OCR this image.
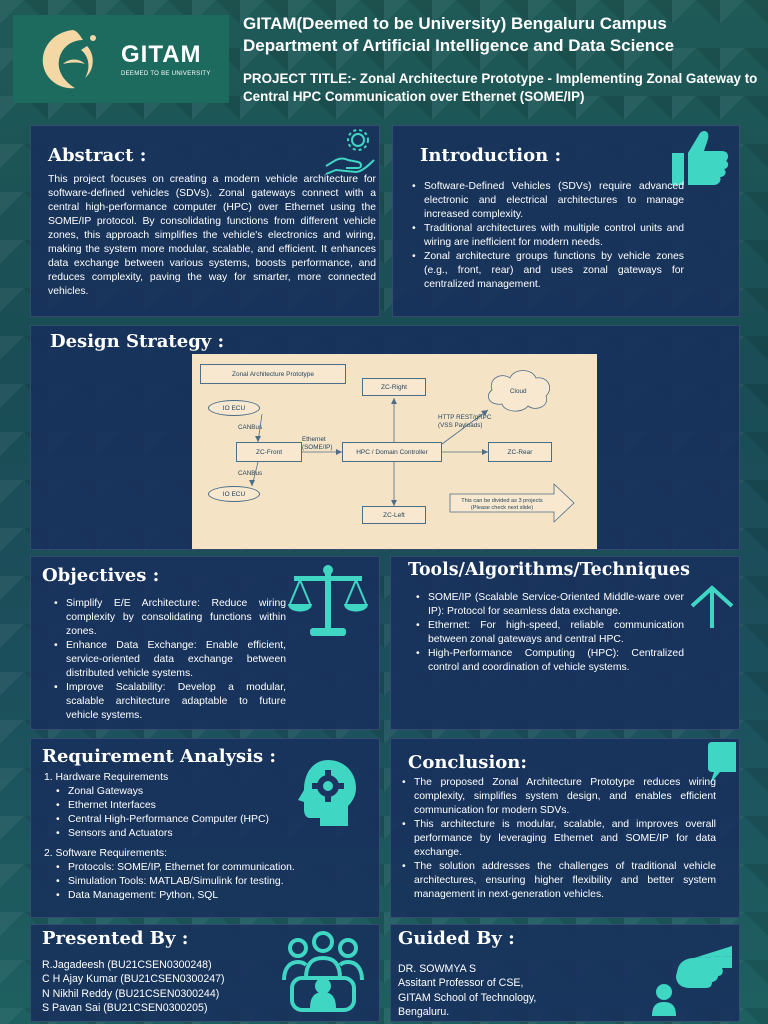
GITAM
DEEMED TO BE UNIVERSITY
GITAM(Deemed to be University) Bengaluru Campus
Department of Artificial Intelligence and Data Science
PROJECT TITLE:- Zonal Architecture Prototype - Implementing Zonal Gateway to Central HPC Communication over Ethernet (SOME/IP)
Abstract :
This project focuses on creating a modern vehicle architecture for software-defined vehicles (SDVs). Zonal gateways connect with a central high-performance computer (HPC) over Ethernet using the SOME/IP protocol. By consolidating functions from different vehicle zones, this approach simplifies the vehicle's electronics and wiring, making the system more modular, scalable, and efficient. It enhances data exchange between various systems, boosts performance, and reduces complexity, paving the way for smarter, more connected vehicles.
Introduction :
• Software-Defined Vehicles (SDVs) require advanced electronic and electrical architectures to manage increased complexity.
• Traditional architectures with multiple control units and wiring are inefficient for modern needs.
• Zonal architecture groups functions by vehicle zones (e.g., front, rear) and uses zonal gateways for centralized management.
Design Strategy :
Zonal Architecture Prototype
ZC-Right
Cloud
IO ECU
CANBus
ZC-Front
Ethernet
(SOME/IP)
HPC / Domain Controller
HTTP REST/gRPC
(VSS Payloads)
ZC-Rear
CANBus
IO ECU
ZC-Left
This can be divided as 3 projects
(Please check next slide)
Objectives :
• Simplify E/E Architecture: Reduce wiring complexity by consolidating functions within zones.
• Enhance Data Exchange: Enable efficient, service-oriented data exchange between distributed vehicle systems.
• Improve Scalability: Develop a modular, scalable architecture adaptable to future vehicle systems.
Tools/Algorithms/Techniques
• SOME/IP (Scalable Service-Oriented Middle-ware over IP): Protocol for seamless data exchange.
• Ethernet: For high-speed, reliable communication between zonal gateways and central HPC.
• High-Performance Computing (HPC): Centralized control and coordination of vehicle systems.
Requirement Analysis :
1. Hardware Requirements
• Zonal Gateways
• Ethernet Interfaces
• Central High-Performance Computer (HPC)
• Sensors and Actuators
2. Software Requirements:
• Protocols: SOME/IP, Ethernet for communication.
• Simulation Tools: MATLAB/Simulink for testing.
• Data Management: Python, SQL
Conclusion:
• The proposed Zonal Architecture Prototype reduces wiring complexity, simplifies system design, and enables efficient communication for modern SDVs.
• This architecture is modular, scalable, and improves overall performance by leveraging Ethernet and SOME/IP for data exchange.
• The solution addresses the challenges of traditional vehicle architectures, ensuring higher flexibility and better system management in next-generation vehicles.
Presented By :
R.Jagadeesh (BU21CSEN0300248)
C H Ajay Kumar (BU21CSEN0300247)
N Nikhil Reddy (BU21CSEN0300244)
S Pavan Sai (BU21CSEN0300205)
Guided By :
DR. SOWMYA S
Assitant Professor of CSE,
GITAM School of Technology,
Bengaluru.
